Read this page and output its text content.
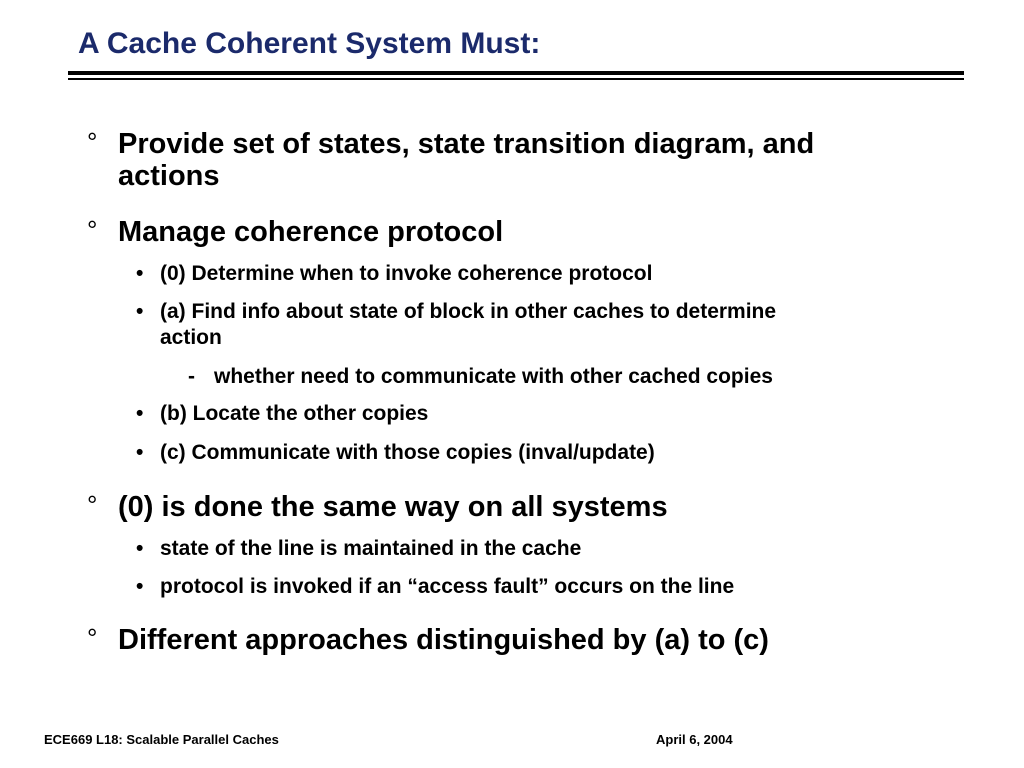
A Cache Coherent System Must:
° Provide set of states, state transition diagram, and
actions
° Manage coherence protocol
• (0) Determine when to invoke coherence protocol
• (a) Find info about state of block in other caches to determine
action
- whether need to communicate with other cached copies
• (b) Locate the other copies
• (c) Communicate with those copies (inval/update)
° (0) is done the same way on all systems
• state of the line is maintained in the cache
• protocol is invoked if an “access fault” occurs on the line
° Different approaches distinguished by (a) to (c)
ECE669 L18: Scalable Parallel Caches	April 6, 2004
